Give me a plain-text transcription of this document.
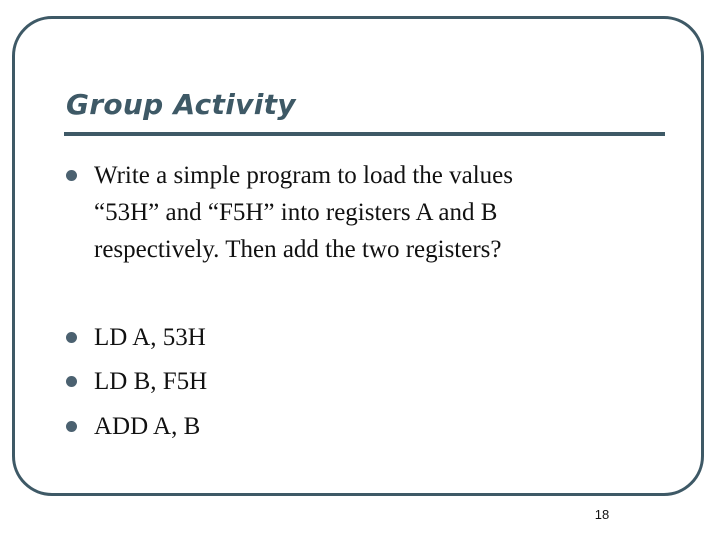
Group Activity
Write a simple program to load the values
“53H” and “F5H” into registers A and B
respectively. Then add the two registers?
LD A, 53H
LD B, F5H
ADD A, B
18
